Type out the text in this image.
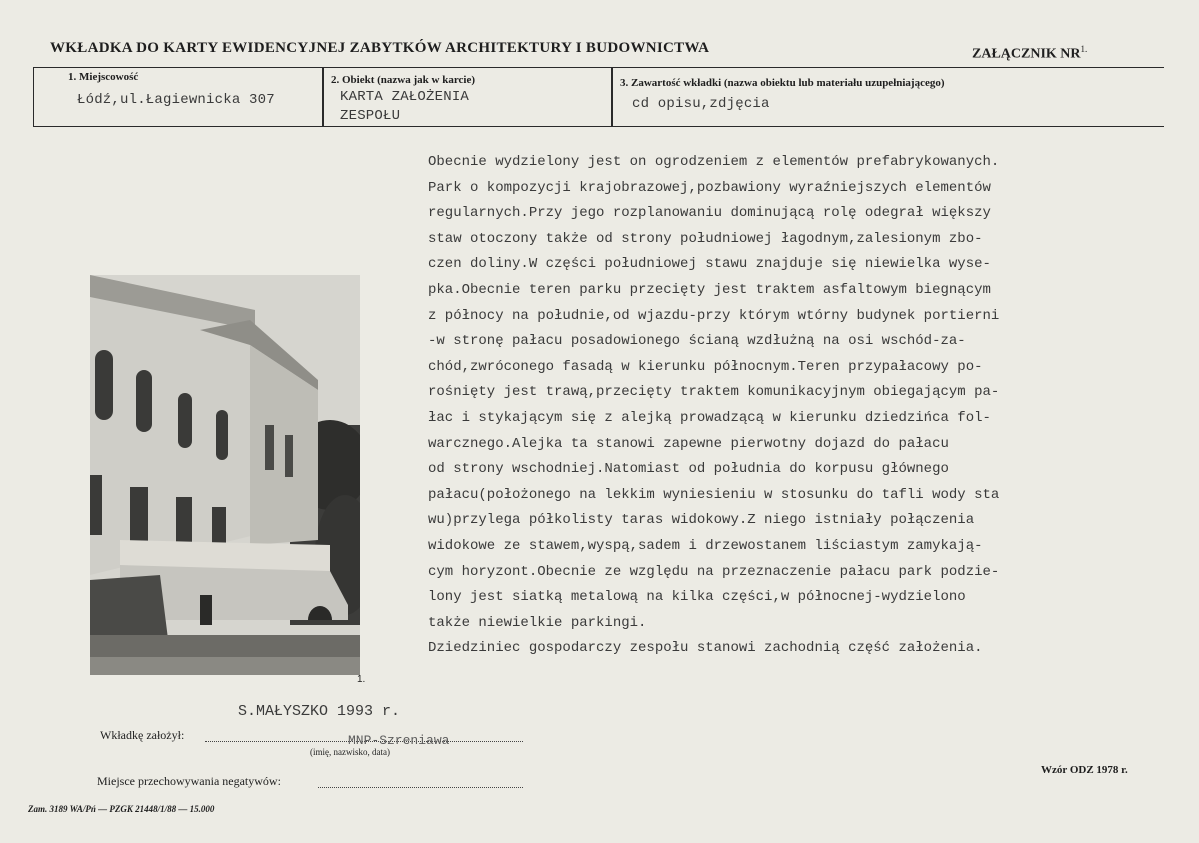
WKŁADKA DO KARTY EWIDENCYJNEJ ZABYTKÓW ARCHITEKTURY I BUDOWNICTWA	ZAŁĄCZNIK $NR^{1.}$
1. Miejscowość
Łódź,ul.Łagiewnicka 307
2. Obiekt (nazwa jak w karcie)
KARTA ZAŁOŻENIA
ZESPOŁU
3. Zawartość wkładki (nazwa obiektu lub materiału uzupełniającego)
cd opisu,zdjęcia

Obecnie wydzielony jest on ogrodzeniem z elementów prefabrykowanych.

Park o kompozycji krajobrazowej,pozbawiony wyraźniejszych elementów

regularnych.Przy jego rozplanowaniu dominującą rolę odegrał większy

staw otoczony także od strony południowej łagodnym,zalesionym zbo-

czen doliny.W części południowej stawu znajduje się niewielka wyse-

pka.Obecnie teren parku przecięty jest traktem asfaltowym biegnącym

z północy na południe,od wjazdu-przy którym wtórny budynek portierni

-w stronę pałacu posadowionego ścianą wzdłużną na osi wschód-za-

chód,zwróconego fasadą w kierunku północnym.Teren przypałacowy po-

rośnięty jest trawą,przecięty traktem komunikacyjnym obiegającym pa-

łac i stykającym się z alejką prowadzącą w kierunku dziedzińca fol-

warcznego.Alejka ta stanowi zapewne pierwotny dojazd do pałacu

od strony wschodniej.Natomiast od południa do korpusu głównego

pałacu(położonego na lekkim wyniesieniu w stosunku do tafli wody sta

wu)przylega półkolisty taras widokowy.Z niego istniały połączenia

widokowe ze stawem,wyspą,sadem i drzewostanem liściastym zamykają-

cym horyzont.Obecnie ze względu na przeznaczenie pałacu park podzie-

lony jest siatką metalową na kilka części,w północnej-wydzielono

także niewielkie parkingi.

Dziedziniec gospodarczy zespołu stanowi zachodnią część założenia.

1.
S.MAŁYSZKO 1993 r.
Wkładkę założył:	MNP-Szreniawa
(imię, nazwisko, data)
Miejsce przechowywania negatywów:
Wzór ODZ 1978 r.
Zam. 3189 WA/Pń — PZGK 21448/1/88 — 15.000
